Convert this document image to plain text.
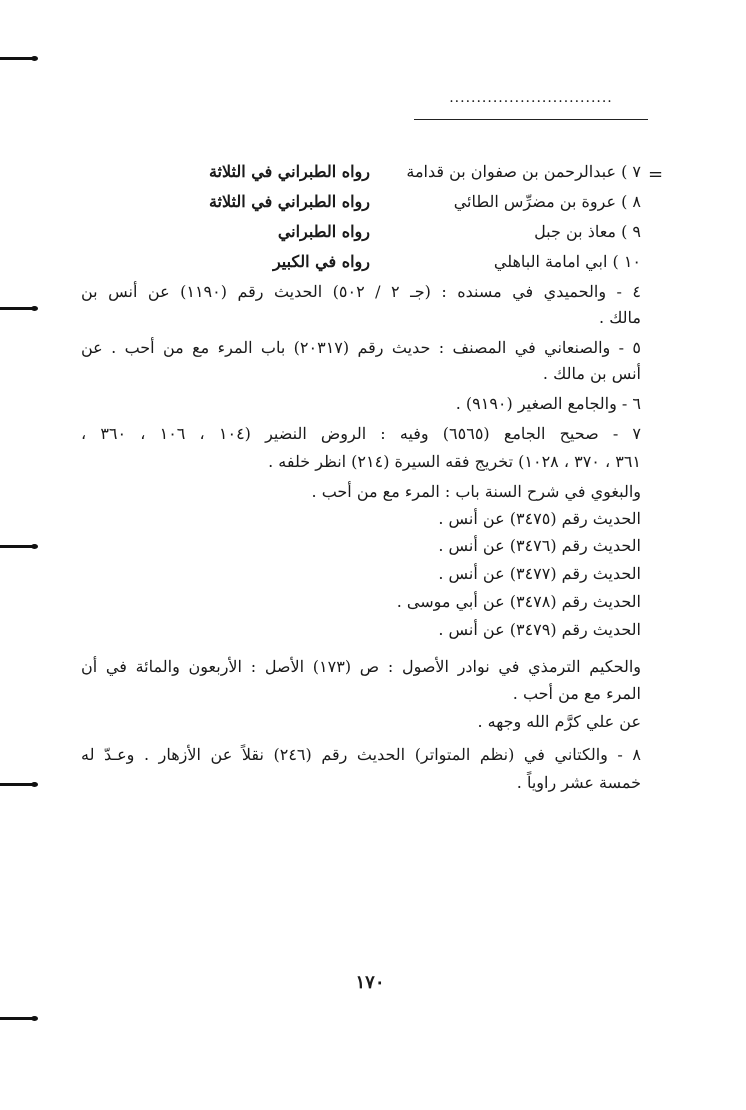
..............................
=
٧ ) عبدالرحمن بن صفوان بن قدامة
رواه الطبراني في الثلاثة
٨ ) عروة بن مضرِّس الطائي
رواه الطبراني في الثلاثة
٩ ) معاذ بن جبل
رواه الطبراني
١٠ ) ابي امامة الباهلي
رواه في الكبير
٤ - والحميدي في مسنده : (جـ ٢ / ٥٠٢) الحديث رقم (١١٩٠) عن أنس بن
مالك .
٥ - والصنعاني في المصنف : حديث رقم (٢٠٣١٧) باب المرء مع من أحب . عن
أنس بن مالك .
٦ - والجامع الصغير (٩١٩٠) .
٧ - صحيح الجامع (٦٥٦٥) وفيه : الروض النضير (١٠٤ ، ١٠٦ ، ٣٦٠ ،
٣٦١ ، ٣٧٠ ، ١٠٢٨) تخريج فقه السيرة (٢١٤) انظر خلفه .
والبغوي في شرح السنة باب : المرء مع من أحب .
الحديث رقم (٣٤٧٥) عن أنس .
الحديث رقم (٣٤٧٦) عن أنس .
الحديث رقم (٣٤٧٧) عن أنس .
الحديث رقم (٣٤٧٨) عن أبي موسى .
الحديث رقم (٣٤٧٩) عن أنس .
والحكيم الترمذي في نوادر الأصول : ص (١٧٣) الأصل : الأربعون والمائة في أن
المرء مع من أحب .
عن علي كرَّم الله وجهه .
٨ - والكتاني في (نظم المتواتر) الحديث رقم (٢٤٦) نقلاً عن الأزهار . وعـدّ له
خمسة عشر راوياً .
١٧٠
